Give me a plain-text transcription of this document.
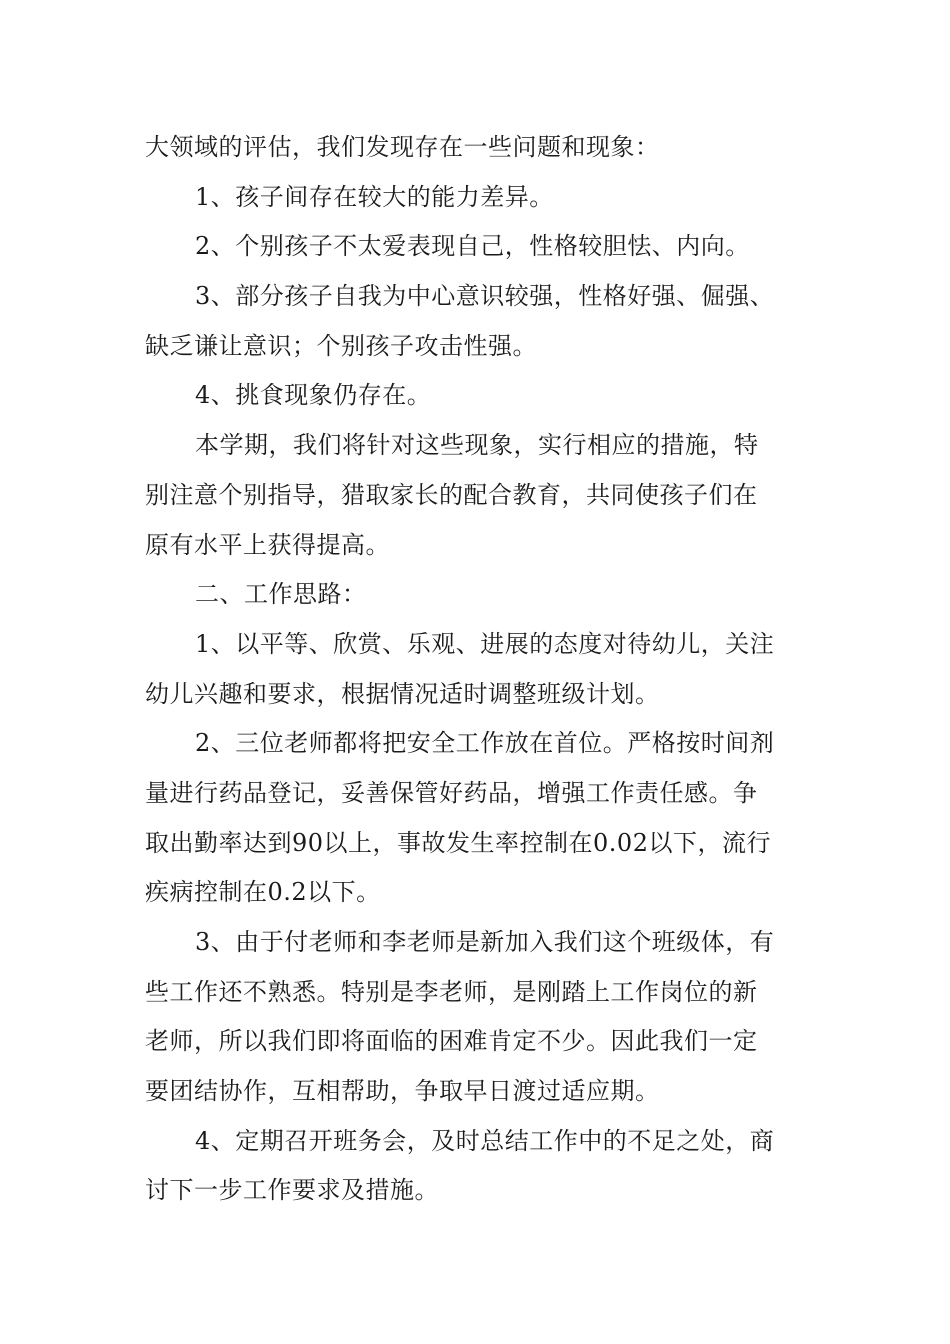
大领域的评估，我们发现存在一些问题和现象：
1、孩子间存在较大的能力差异。
2、个别孩子不太爱表现自己，性格较胆怯、内向。
3、部分孩子自我为中心意识较强，性格好强、倔强、
缺乏谦让意识；个别孩子攻击性强。
4、挑食现象仍存在。
本学期，我们将针对这些现象，实行相应的措施，特
别注意个别指导，猎取家长的配合教育，共同使孩子们在
原有水平上获得提高。
二、工作思路：
1、以平等、欣赏、乐观、进展的态度对待幼儿，关注
幼儿兴趣和要求，根据情况适时调整班级计划。
2、三位老师都将把安全工作放在首位。严格按时间剂
量进行药品登记，妥善保管好药品，增强工作责任感。争
取出勤率达到90以上，事故发生率控制在0.02以下，流行
疾病控制在0.2以下。
3、由于付老师和李老师是新加入我们这个班级体，有
些工作还不熟悉。特别是李老师，是刚踏上工作岗位的新
老师，所以我们即将面临的困难肯定不少。因此我们一定
要团结协作，互相帮助，争取早日渡过适应期。
4、定期召开班务会，及时总结工作中的不足之处，商
讨下一步工作要求及措施。
